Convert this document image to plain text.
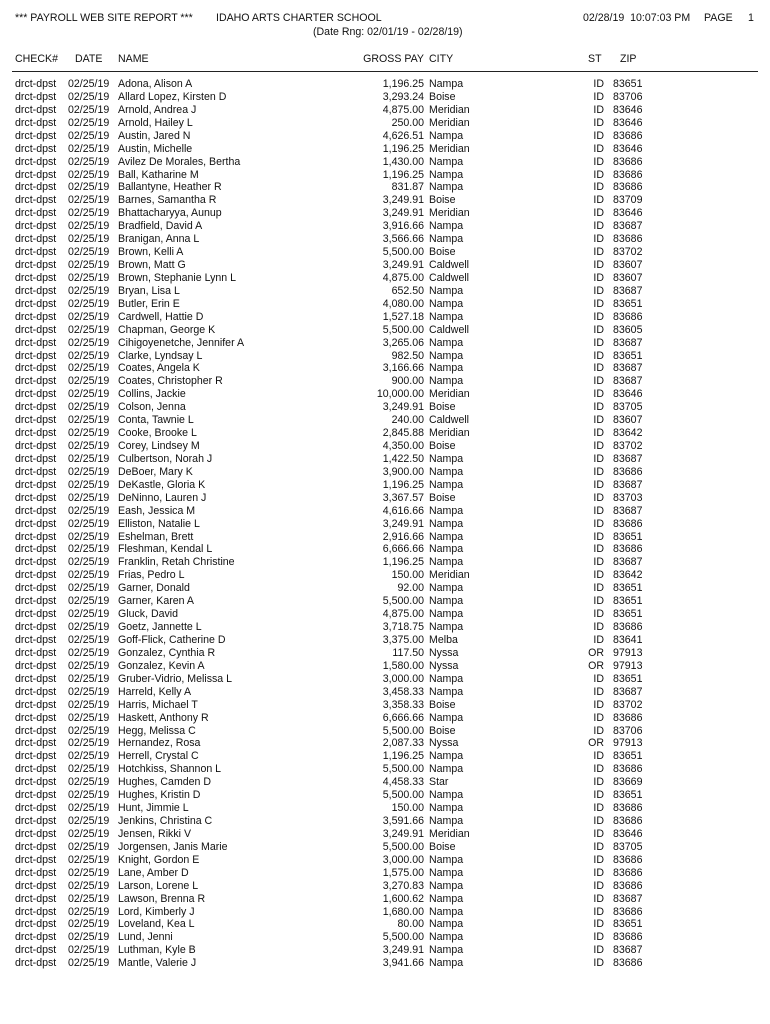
*** PAYROLL WEB SITE REPORT *** IDAHO ARTS CHARTER SCHOOL
(Date Rng: 02/01/19 - 02/28/19)
02/28/19  10:07:03 PM PAGE 1
CHECK# DATE NAME	GROSS PAY CITY	ST ZIP
drct-dpst 02/25/19 Adona, Alison A	1,196.25 Nampa	ID 83651
drct-dpst 02/25/19 Allard Lopez, Kirsten D	3,293.24 Boise	ID 83706
drct-dpst 02/25/19 Arnold, Andrea J	4,875.00 Meridian	ID 83646
drct-dpst 02/25/19 Arnold, Hailey L	250.00 Meridian	ID 83646
drct-dpst 02/25/19 Austin, Jared N	4,626.51 Nampa	ID 83686
drct-dpst 02/25/19 Austin, Michelle	1,196.25 Meridian	ID 83646
drct-dpst 02/25/19 Avilez De Morales, Bertha	1,430.00 Nampa	ID 83686
drct-dpst 02/25/19 Ball, Katharine M	1,196.25 Nampa	ID 83686
drct-dpst 02/25/19 Ballantyne, Heather R	831.87 Nampa	ID 83686
drct-dpst 02/25/19 Barnes, Samantha R	3,249.91 Boise	ID 83709
drct-dpst 02/25/19 Bhattacharyya, Aunup	3,249.91 Meridian	ID 83646
drct-dpst 02/25/19 Bradfield, David A	3,916.66 Nampa	ID 83687
drct-dpst 02/25/19 Branigan, Anna L	3,566.66 Nampa	ID 83686
drct-dpst 02/25/19 Brown, Kelli A	5,500.00 Boise	ID 83702
drct-dpst 02/25/19 Brown, Matt G	3,249.91 Caldwell	ID 83607
drct-dpst 02/25/19 Brown, Stephanie Lynn L	4,875.00 Caldwell	ID 83607
drct-dpst 02/25/19 Bryan, Lisa L	652.50 Nampa	ID 83687
drct-dpst 02/25/19 Butler, Erin E	4,080.00 Nampa	ID 83651
drct-dpst 02/25/19 Cardwell, Hattie D	1,527.18 Nampa	ID 83686
drct-dpst 02/25/19 Chapman, George K	5,500.00 Caldwell	ID 83605
drct-dpst 02/25/19 Cihigoyenetche, Jennifer A	3,265.06 Nampa	ID 83687
drct-dpst 02/25/19 Clarke, Lyndsay L	982.50 Nampa	ID 83651
drct-dpst 02/25/19 Coates, Angela K	3,166.66 Nampa	ID 83687
drct-dpst 02/25/19 Coates, Christopher R	900.00 Nampa	ID 83687
drct-dpst 02/25/19 Collins, Jackie	10,000.00 Meridian	ID 83646
drct-dpst 02/25/19 Colson, Jenna	3,249.91 Boise	ID 83705
drct-dpst 02/25/19 Conta, Tawnie L	240.00 Caldwell	ID 83607
drct-dpst 02/25/19 Cooke, Brooke L	2,845.88 Meridian	ID 83642
drct-dpst 02/25/19 Corey, Lindsey M	4,350.00 Boise	ID 83702
drct-dpst 02/25/19 Culbertson, Norah J	1,422.50 Nampa	ID 83687
drct-dpst 02/25/19 DeBoer, Mary K	3,900.00 Nampa	ID 83686
drct-dpst 02/25/19 DeKastle, Gloria K	1,196.25 Nampa	ID 83687
drct-dpst 02/25/19 DeNinno, Lauren J	3,367.57 Boise	ID 83703
drct-dpst 02/25/19 Eash, Jessica M	4,616.66 Nampa	ID 83687
drct-dpst 02/25/19 Elliston, Natalie L	3,249.91 Nampa	ID 83686
drct-dpst 02/25/19 Eshelman, Brett	2,916.66 Nampa	ID 83651
drct-dpst 02/25/19 Fleshman, Kendal L	6,666.66 Nampa	ID 83686
drct-dpst 02/25/19 Franklin, Retah Christine	1,196.25 Nampa	ID 83687
drct-dpst 02/25/19 Frias, Pedro L	150.00 Meridian	ID 83642
drct-dpst 02/25/19 Garner, Donald	92.00 Nampa	ID 83651
drct-dpst 02/25/19 Garner, Karen A	5,500.00 Nampa	ID 83651
drct-dpst 02/25/19 Gluck, David	4,875.00 Nampa	ID 83651
drct-dpst 02/25/19 Goetz, Jannette L	3,718.75 Nampa	ID 83686
drct-dpst 02/25/19 Goff-Flick, Catherine D	3,375.00 Melba	ID 83641
drct-dpst 02/25/19 Gonzalez, Cynthia R	117.50 Nyssa	OR 97913
drct-dpst 02/25/19 Gonzalez, Kevin A	1,580.00 Nyssa	OR 97913
drct-dpst 02/25/19 Gruber-Vidrio, Melissa L	3,000.00 Nampa	ID 83651
drct-dpst 02/25/19 Harreld, Kelly A	3,458.33 Nampa	ID 83687
drct-dpst 02/25/19 Harris, Michael T	3,358.33 Boise	ID 83702
drct-dpst 02/25/19 Haskett, Anthony R	6,666.66 Nampa	ID 83686
drct-dpst 02/25/19 Hegg, Melissa C	5,500.00 Boise	ID 83706
drct-dpst 02/25/19 Hernandez, Rosa	2,087.33 Nyssa	OR 97913
drct-dpst 02/25/19 Herrell, Crystal C	1,196.25 Nampa	ID 83651
drct-dpst 02/25/19 Hotchkiss, Shannon L	5,500.00 Nampa	ID 83686
drct-dpst 02/25/19 Hughes, Camden D	4,458.33 Star	ID 83669
drct-dpst 02/25/19 Hughes, Kristin D	5,500.00 Nampa	ID 83651
drct-dpst 02/25/19 Hunt, Jimmie L	150.00 Nampa	ID 83686
drct-dpst 02/25/19 Jenkins, Christina C	3,591.66 Nampa	ID 83686
drct-dpst 02/25/19 Jensen, Rikki V	3,249.91 Meridian	ID 83646
drct-dpst 02/25/19 Jorgensen, Janis Marie	5,500.00 Boise	ID 83705
drct-dpst 02/25/19 Knight, Gordon E	3,000.00 Nampa	ID 83686
drct-dpst 02/25/19 Lane, Amber D	1,575.00 Nampa	ID 83686
drct-dpst 02/25/19 Larson, Lorene L	3,270.83 Nampa	ID 83686
drct-dpst 02/25/19 Lawson, Brenna R	1,600.62 Nampa	ID 83687
drct-dpst 02/25/19 Lord, Kimberly J	1,680.00 Nampa	ID 83686
drct-dpst 02/25/19 Loveland, Kea L	80.00 Nampa	ID 83651
drct-dpst 02/25/19 Lund, Jenni	5,500.00 Nampa	ID 83686
drct-dpst 02/25/19 Luthman, Kyle B	3,249.91 Nampa	ID 83687
drct-dpst 02/25/19 Mantle, Valerie J	3,941.66 Nampa	ID 83686
